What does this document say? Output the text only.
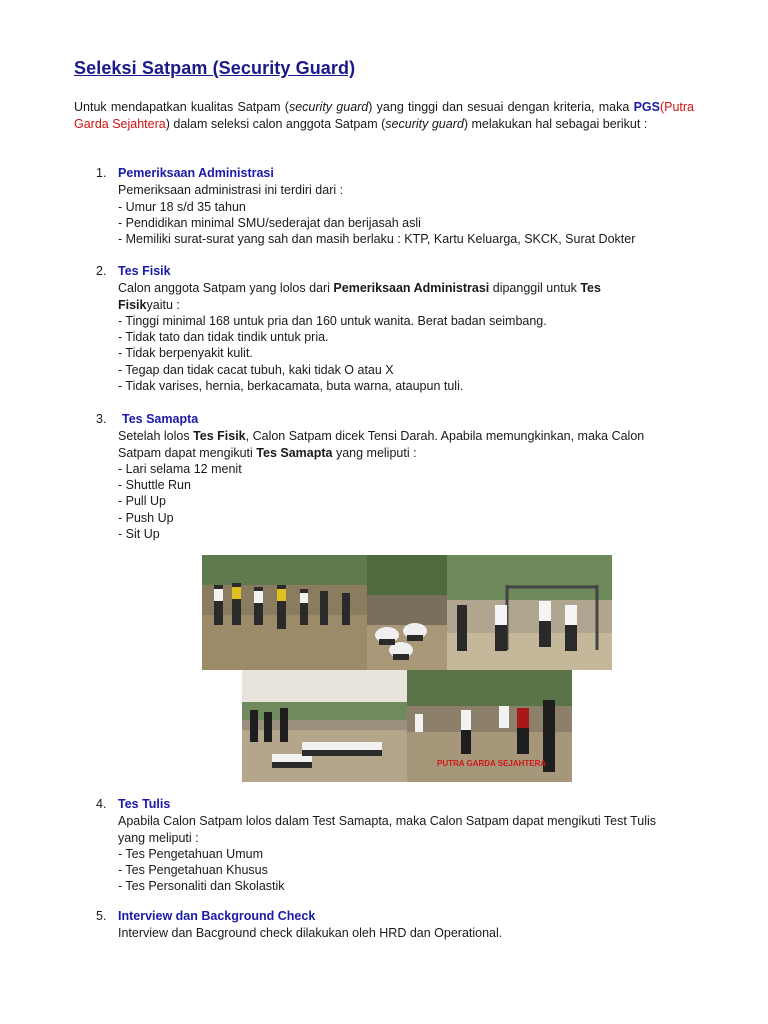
Seleksi Satpam (Security Guard)

Untuk mendapatkan kualitas Satpam (security guard) yang tinggi dan sesuai dengan kriteria, maka PGS(Putra Garda Sejahtera) dalam seleksi calon anggota Satpam (security guard) melakukan hal sebagai berikut :

1. Pemeriksaan Administrasi
Pemeriksaan administrasi ini terdiri dari :
- Umur 18 s/d 35 tahun
- Pendidikan minimal SMU/sederajat dan berijasah asli
- Memiliki surat-surat yang sah dan masih berlaku : KTP, Kartu Keluarga, SKCK, Surat Dokter
2. Tes Fisik
Calon anggota Satpam yang lolos dari Pemeriksaan Administrasi dipanggil untuk Tes Fisikyaitu :
- Tinggi minimal 168 untuk pria dan 160 untuk wanita. Berat badan seimbang.
- Tidak tato dan tidak tindik untuk pria.
- Tidak berpenyakit kulit.
- Tegap dan tidak cacat tubuh, kaki tidak O atau X
- Tidak varises, hernia, berkacamata, buta warna, ataupun tuli.
3.	Tes Samapta
Setelah lolos Tes Fisik, Calon Satpam dicek Tensi Darah. Apabila memungkinkan, maka Calon Satpam dapat mengikuti Tes Samapta yang meliputi :
- Lari selama 12 menit
- Shuttle Run
- Pull Up
- Push Up
- Sit Up
PUTRA GARDA SEJAHTERA
4. Tes Tulis
Apabila Calon Satpam lolos dalam Test Samapta, maka Calon Satpam dapat mengikuti Test Tulis yang meliputi :
- Tes Pengetahuan Umum
- Tes Pengetahuan Khusus
- Tes Personaliti dan Skolastik
5. Interview dan Background Check
Interview dan Bacground check dilakukan oleh HRD dan Operational.
